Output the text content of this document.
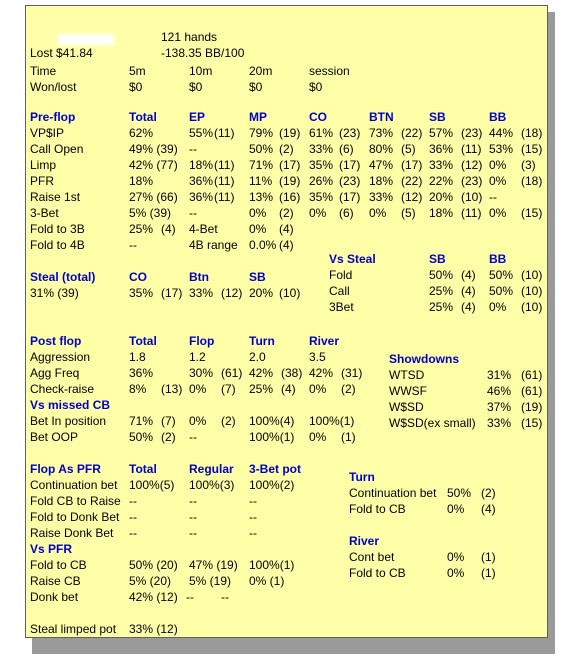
121 hands
Lost $41.84	-138.35 BB/100
Time	5m	10m	20m	session
Won/lost	$0	$0	$0	$0
Pre-flop	Total	EP	MP	CO	BTN	SB	BB
VP$IP	62%	55% (11) 79% (19) 61% (23) 73% (22) 57% (23) 44% (18)
Call Open	49% (39) --	50% (2) 33% (6) 80% (5) 36% (11) 53% (15)
Limp	42% (77) 18% (11) 71% (17) 35% (17) 47% (17) 33% (12) 0% (3)
PFR	18%	36% (11) 11% (19) 26% (23) 18% (22) 22% (23) 0% (18)
Raise 1st	27% (66) 36% (11) 13% (16) 35% (17) 33% (12) 20% (10) --
3-Bet	5% (39) --	0% (2) 0% (6) 0% (5) 18% (11) 0% (15)
Fold to 3B	25% (4) 4-Bet	0% (4)
Fold to 4B	--	4B range 0.0% (4)
Steal (total)	CO	Btn	SB
31% (39)	35% (17) 33% (12) 20% (10)
Vs Steal	SB	BB
Fold	50% (4) 50% (10)
Call	25% (4) 50% (10)
3Bet	25% (4) 0% (10)
Post flop	Total	Flop	Turn	River
Aggression	1.8	1.2	2.0	3.5
Agg Freq	36%	30% (61) 42% (38) 42% (31)
Check-raise	8% (13) 0% (7) 25% (4) 0% (2)
Vs missed CB
Bet In position 71% (7) 0% (2) 100%(4) 100%(1)
Bet OOP	50% (2) --	100%(1) 0% (1)
Showdowns
WTSD	31% (61)
WWSF	46% (61)
W$SD	37% (19)
W$SD(ex small) 33% (15)
Flop As PFR Total	Regular 3-Bet pot
Continuation bet 100%(5) 100%(3) 100%(2)
Fold CB to Raise --	--	--
Fold to Donk Bet --	--	--
Raise Donk Bet --	--	--
Vs PFR
Fold to CB	50% (20) 47% (19) 100%(1)
Raise CB	5% (20) 5% (19) 0% (1)
Donk bet	42% (12) -- --
Steal limped pot 33% (12)
Turn
Continuation bet 50% (2)
Fold to CB	0% (4)
River
Cont bet	0% (1)
Fold to CB	0% (1)
